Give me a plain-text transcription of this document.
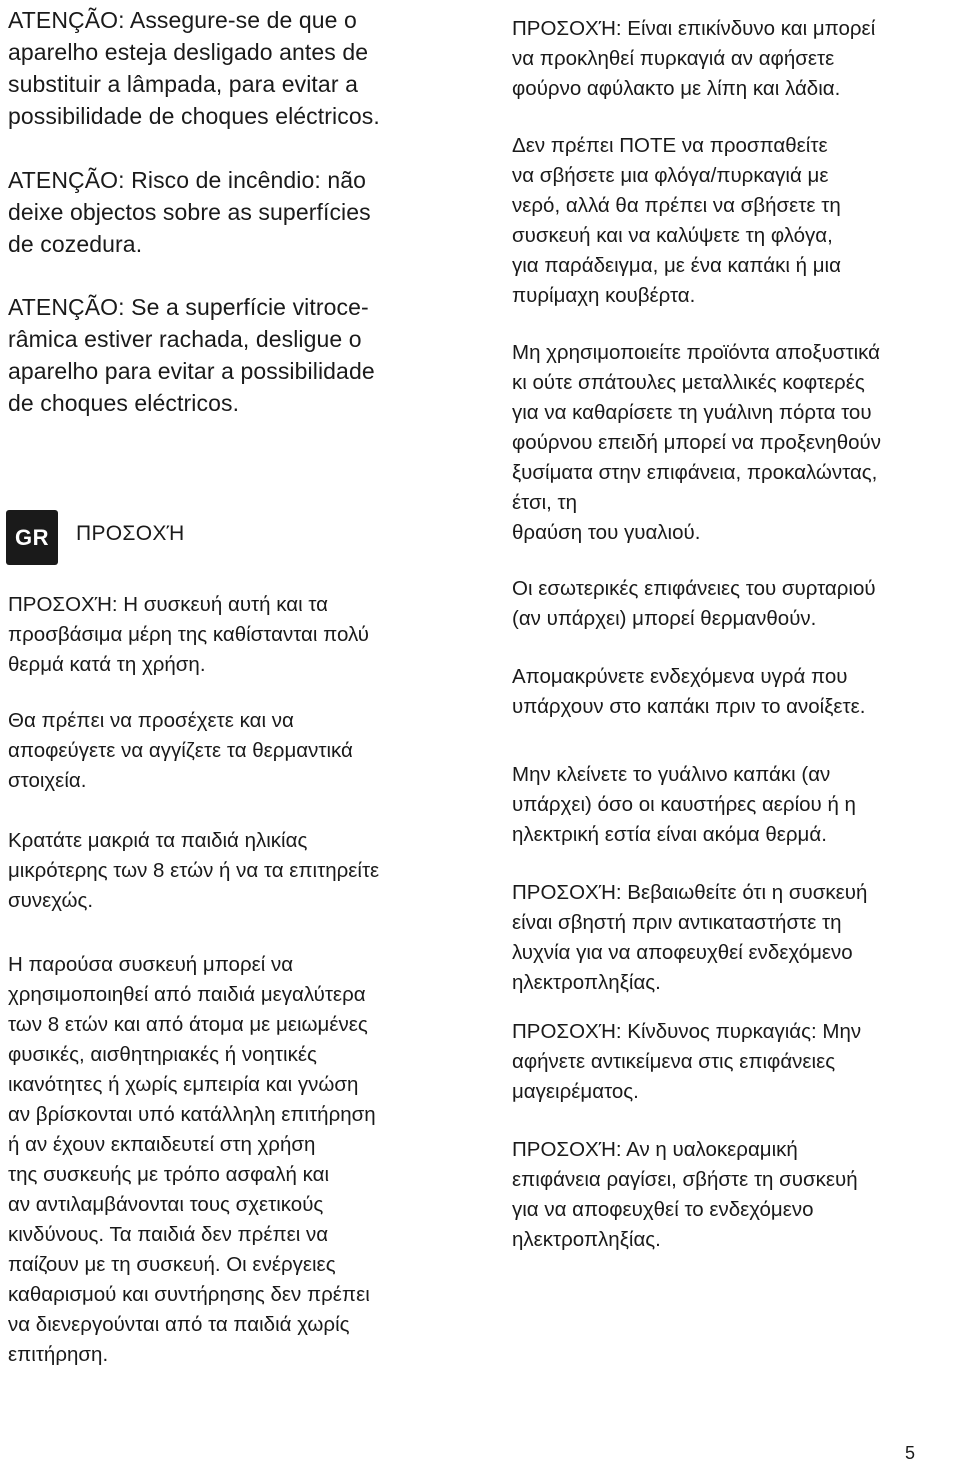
ATENÇÃO: Assegure-se de que o
aparelho esteja desligado antes de
substituir a lâmpada, para evitar a
possibilidade de choques eléctricos.

ATENÇÃO: Risco de incêndio: não
deixe objectos sobre as superfícies
de cozedura.

ATENÇÃO: Se a superfície vitroce-
râmica estiver rachada, desligue o
aparelho para evitar a possibilidade
de choques eléctricos.

ΠΡΟΣΟΧΉ: Η συσκευή αυτή και τα
προσβάσιμα μέρη της καθίστανται πολύ
θερμά κατά τη χρήση.

Θα πρέπει να προσέχετε και να
αποφεύγετε να αγγίζετε τα θερμαντικά
στοιχεία.

Κρατάτε μακριά τα παιδιά ηλικίας
μικρότερης των 8 ετών ή να τα επιτηρείτε
συνεχώς.

Η παρούσα συσκευή μπορεί να
χρησιμοποιηθεί από παιδιά μεγαλύτερα
των 8 ετών και από άτομα με μειωμένες
φυσικές, αισθητηριακές ή νοητικές
ικανότητες ή χωρίς εμπειρία και γνώση
αν βρίσκονται υπό κατάλληλη επιτήρηση
ή αν έχουν εκπαιδευτεί στη χρήση
της συσκευής με τρόπο ασφαλή και
αν αντιλαμβάνονται τους σχετικούς
κινδύνους. Τα παιδιά δεν πρέπει να
παίζουν με τη συσκευή. Οι ενέργειες
καθαρισμού και συντήρησης δεν πρέπει
να διενεργούνται από τα παιδιά χωρίς
επιτήρηση.

GR ΠΡΟΣΟΧΉ

ΠΡΟΣΟΧΉ: Είναι επικίνδυνο και μπορεί
να προκληθεί πυρκαγιά αν αφήσετε
φούρνο αφύλακτο με λίπη και λάδια.

Δεν πρέπει ΠΟΤΕ να προσπαθείτε
να σβήσετε μια φλόγα/πυρκαγιά με
νερό, αλλά θα πρέπει να σβήσετε τη
συσκευή και να καλύψετε τη φλόγα,
για παράδειγμα, με ένα καπάκι ή μια
πυρίμαχη κουβέρτα.

Μη χρησιμοποιείτε προϊόντα αποξυστικά
κι ούτε σπάτουλες μεταλλικές κοφτερές
για να καθαρίσετε τη γυάλινη πόρτα του
φούρνου επειδή μπορεί να προξενηθούν
ξυσίματα στην επιφάνεια, προκαλώντας,
έτσι, τη
θραύση του γυαλιού.

Οι εσωτερικές επιφάνειες του συρταριού
(αν υπάρχει) μπορεί θερμανθούν.

Απομακρύνετε ενδεχόμενα υγρά που
υπάρχουν στο καπάκι πριν το ανοίξετε.

Μην κλείνετε το γυάλινο καπάκι (αν
υπάρχει) όσο οι καυστήρες αερίου ή η
ηλεκτρική εστία είναι ακόμα θερμά.

ΠΡΟΣΟΧΉ: Βεβαιωθείτε ότι η συσκευή
είναι σβηστή πριν αντικαταστήστε τη
λυχνία για να αποφευχθεί ενδεχόμενο
ηλεκτροπληξίας.

ΠΡΟΣΟΧΉ: Κίνδυνος πυρκαγιάς: Μην
αφήνετε αντικείμενα στις επιφάνειες
μαγειρέματος.

ΠΡΟΣΟΧΉ: Αν η υαλοκεραμική
επιφάνεια ραγίσει, σβήστε τη συσκευή
για να αποφευχθεί το ενδεχόμενο
ηλεκτροπληξίας.

5
